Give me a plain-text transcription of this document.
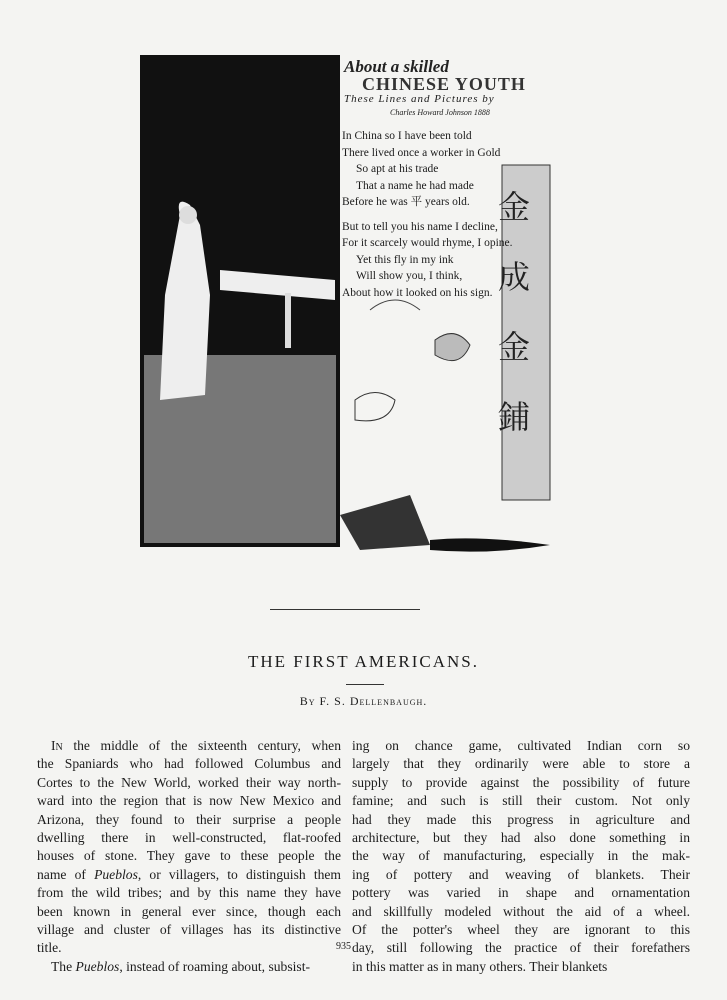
金成金鋪
About a skilled
CHINESE YOUTH
These Lines and Pictures by
Charles Howard Johnson 1888
In China so I have been told
There lived once a worker in Gold
So apt at his trade
That a name he had made
Before he was 平 years old.
But to tell you his name I decline,
For it scarcely would rhyme, I opine.
Yet this fly in my ink
Will show you, I think,
About how it looked on his sign.
THE FIRST AMERICANS.
By F. S. Dellenbaugh.
In the middle of the sixteenth century, when
the Spaniards who had followed Columbus and
Cortes to the New World, worked their way north-
ward into the region that is now New Mexico and
Arizona, they found to their surprise a people
dwelling there in well-constructed, flat-roofed
houses of stone. They gave to these people the
name of Pueblos, or villagers, to distinguish them
from the wild tribes; and by this name they have
been known in general ever since, though each
village and cluster of villages has its distinctive
title.
The Pueblos, instead of roaming about, subsist-
ing on chance game, cultivated Indian corn so
largely that they ordinarily were able to store a
supply to provide against the possibility of future
famine; and such is still their custom. Not only
had they made this progress in agriculture and
architecture, but they had also done something in
the way of manufacturing, especially in the mak-
ing of pottery and weaving of blankets. Their
pottery was varied in shape and ornamentation
and skillfully modeled without the aid of a wheel.
Of the potter's wheel they are ignorant to this
day, still following the practice of their forefathers
in this matter as in many others. Their blankets
935
